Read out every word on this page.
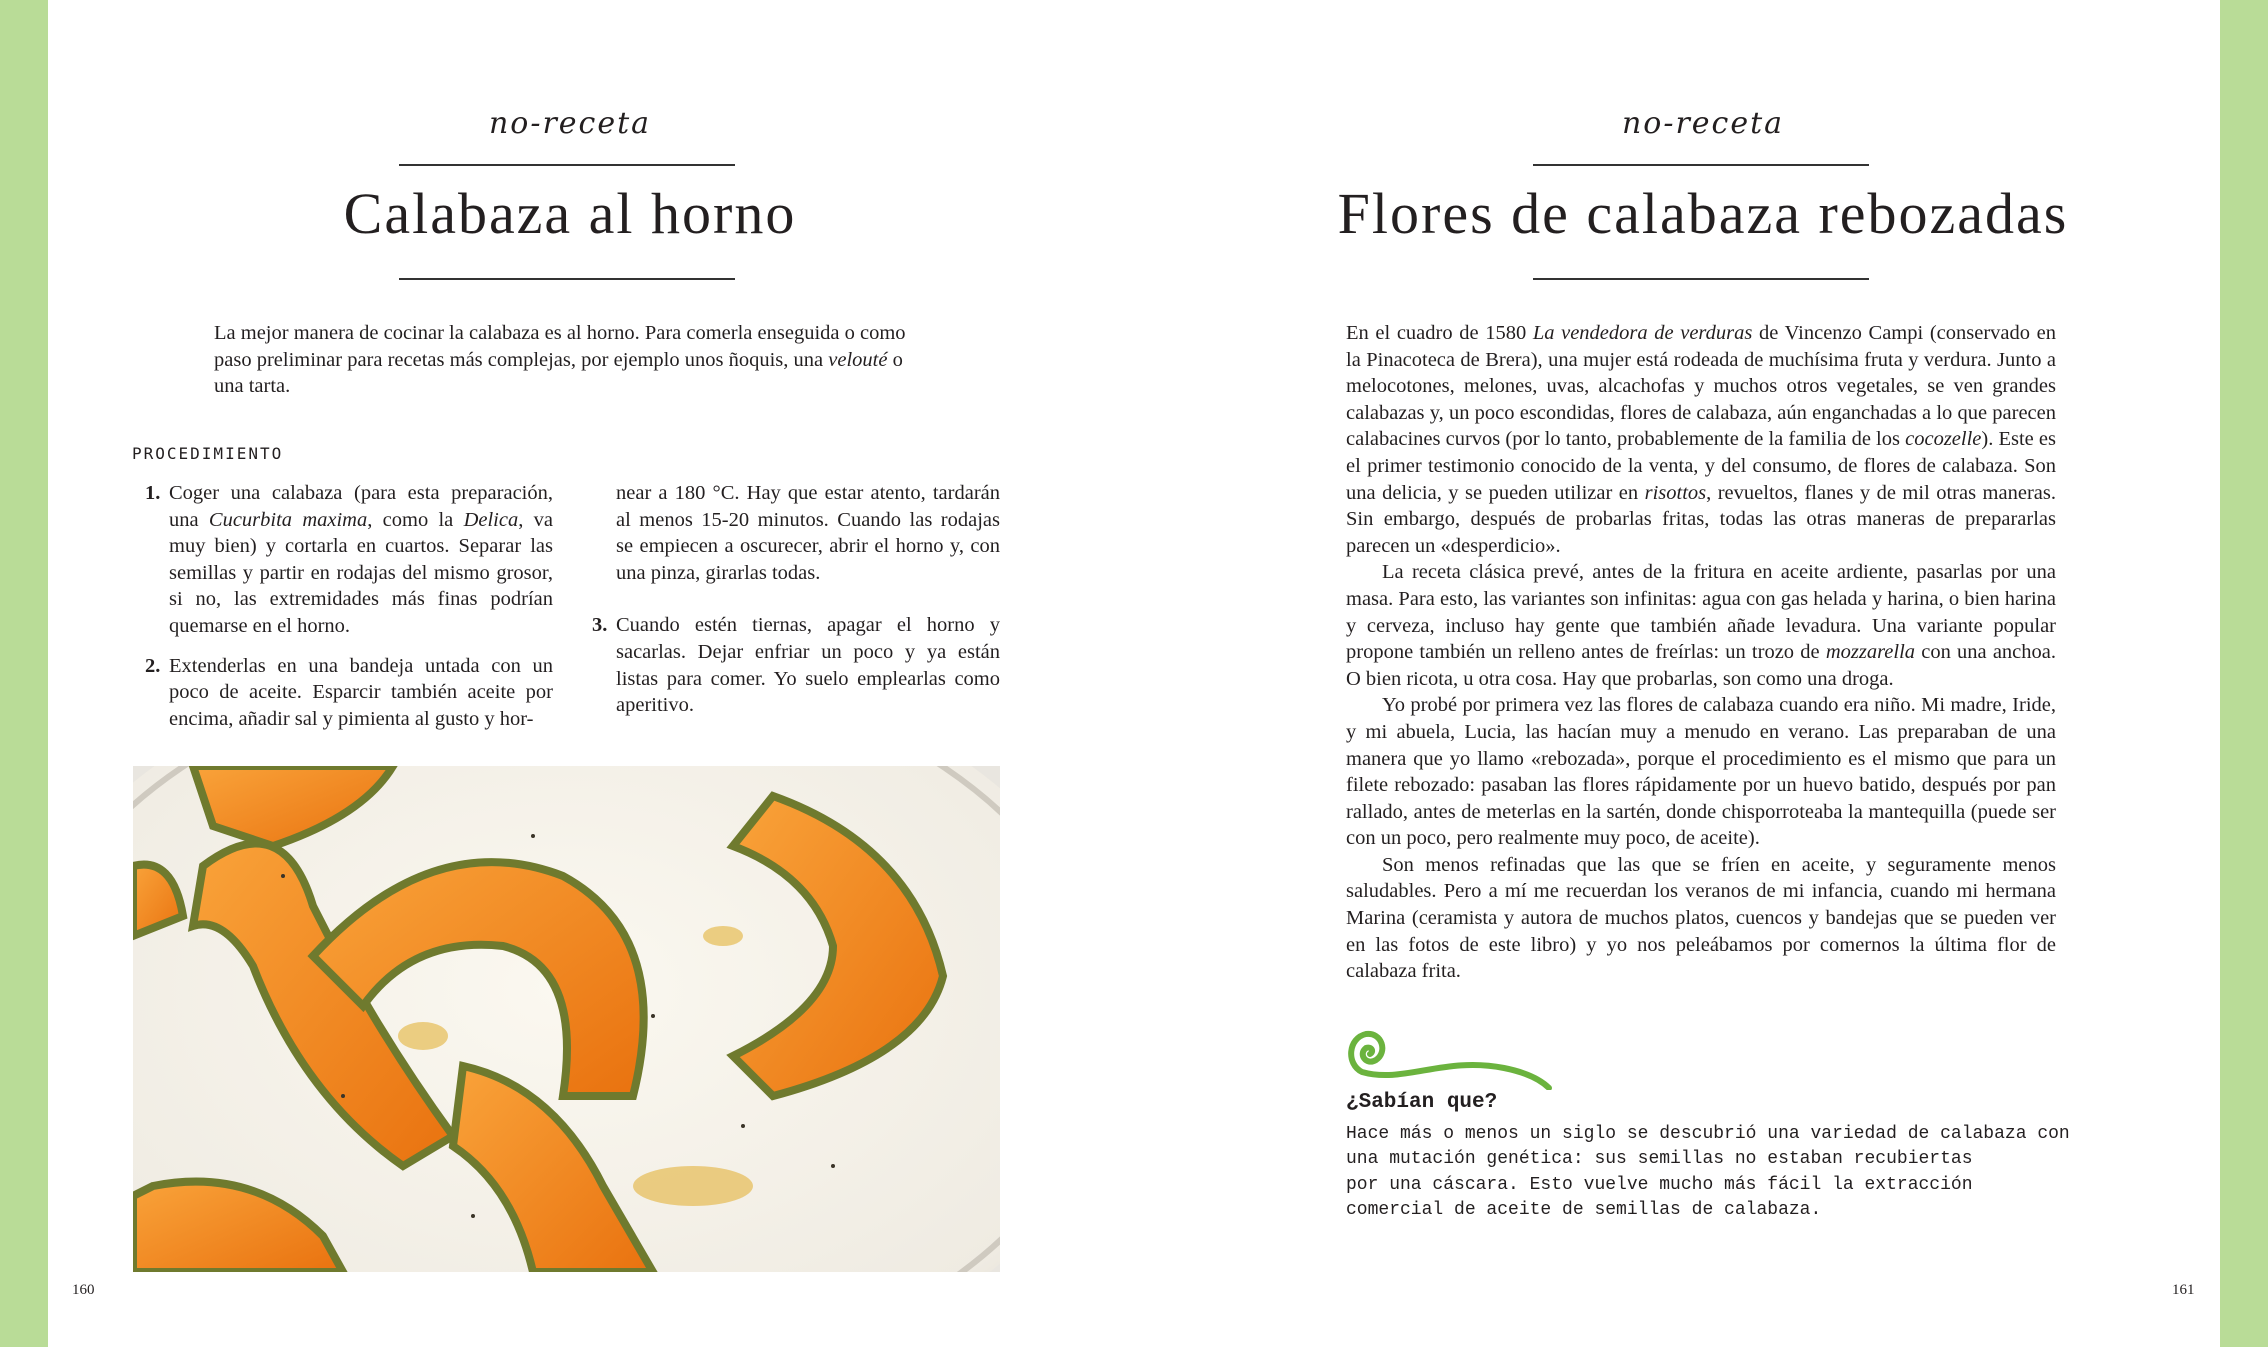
no-receta
Calabaza al horno
La mejor manera de cocinar la calabaza es al horno. Para comerla enseguida o como paso preliminar para recetas más complejas, por ejemplo unos ñoquis, una velouté o una tarta.
PROCEDIMIENTO
1. Coger una calabaza (para esta preparación, una Cucurbita maxima, como la Delica, va muy bien) y cortarla en cuartos. Separar las semillas y partir en rodajas del mismo grosor, si no, las extremidades más finas podrían quemarse en el horno.
2. Extenderlas en una bandeja untada con un poco de aceite. Esparcir también aceite por encima, añadir sal y pimienta al gusto y hor-
near a 180 °C. Hay que estar atento, tardarán al menos 15-20 minutos. Cuando las rodajas se empiecen a oscurecer, abrir el horno y, con una pinza, girarlas todas.
3. Cuando estén tiernas, apagar el horno y sacarlas. Dejar enfriar un poco y ya están listas para comer. Yo suelo emplearlas como aperitivo.
160
no-receta
Flores de calabaza rebozadas
En el cuadro de 1580 La vendedora de verduras de Vincenzo Campi (conservado en la Pinacoteca de Brera), una mujer está rodeada de muchísima fruta y verdura. Junto a melocotones, melones, uvas, alcachofas y muchos otros vegetales, se ven grandes calabazas y, un poco escondidas, flores de calabaza, aún enganchadas a lo que parecen calabacines curvos (por lo tanto, probablemente de la familia de los cocozelle). Este es el primer testimonio conocido de la venta, y del consumo, de flores de calabaza. Son una delicia, y se pueden utilizar en risottos, revueltos, flanes y de mil otras maneras. Sin embargo, después de probarlas fritas, todas las otras maneras de prepararlas parecen un «desperdicio».
La receta clásica prevé, antes de la fritura en aceite ardiente, pasarlas por una masa. Para esto, las variantes son infinitas: agua con gas helada y harina, o bien harina y cerveza, incluso hay gente que también añade levadura. Una variante popular propone también un relleno antes de freírlas: un trozo de mozzarella con una anchoa. O bien ricota, u otra cosa. Hay que probarlas, son como una droga.
Yo probé por primera vez las flores de calabaza cuando era niño. Mi madre, Iride, y mi abuela, Lucia, las hacían muy a menudo en verano. Las preparaban de una manera que yo llamo «rebozada», porque el procedimiento es el mismo que para un filete rebozado: pasaban las flores rápidamente por un huevo batido, después por pan rallado, antes de meterlas en la sartén, donde chisporroteaba la mantequilla (puede ser con un poco, pero realmente muy poco, de aceite).
Son menos refinadas que las que se fríen en aceite, y seguramente menos saludables. Pero a mí me recuerdan los veranos de mi infancia, cuando mi hermana Marina (ceramista y autora de muchos platos, cuencos y bandejas que se pueden ver en las fotos de este libro) y yo nos peleábamos por comernos la última flor de calabaza frita.
¿Sabían que?
Hace más o menos un siglo se descubrió una variedad de calabaza con
una mutación genética: sus semillas no estaban recubiertas
por una cáscara. Esto vuelve mucho más fácil la extracción
comercial de aceite de semillas de calabaza.
161
